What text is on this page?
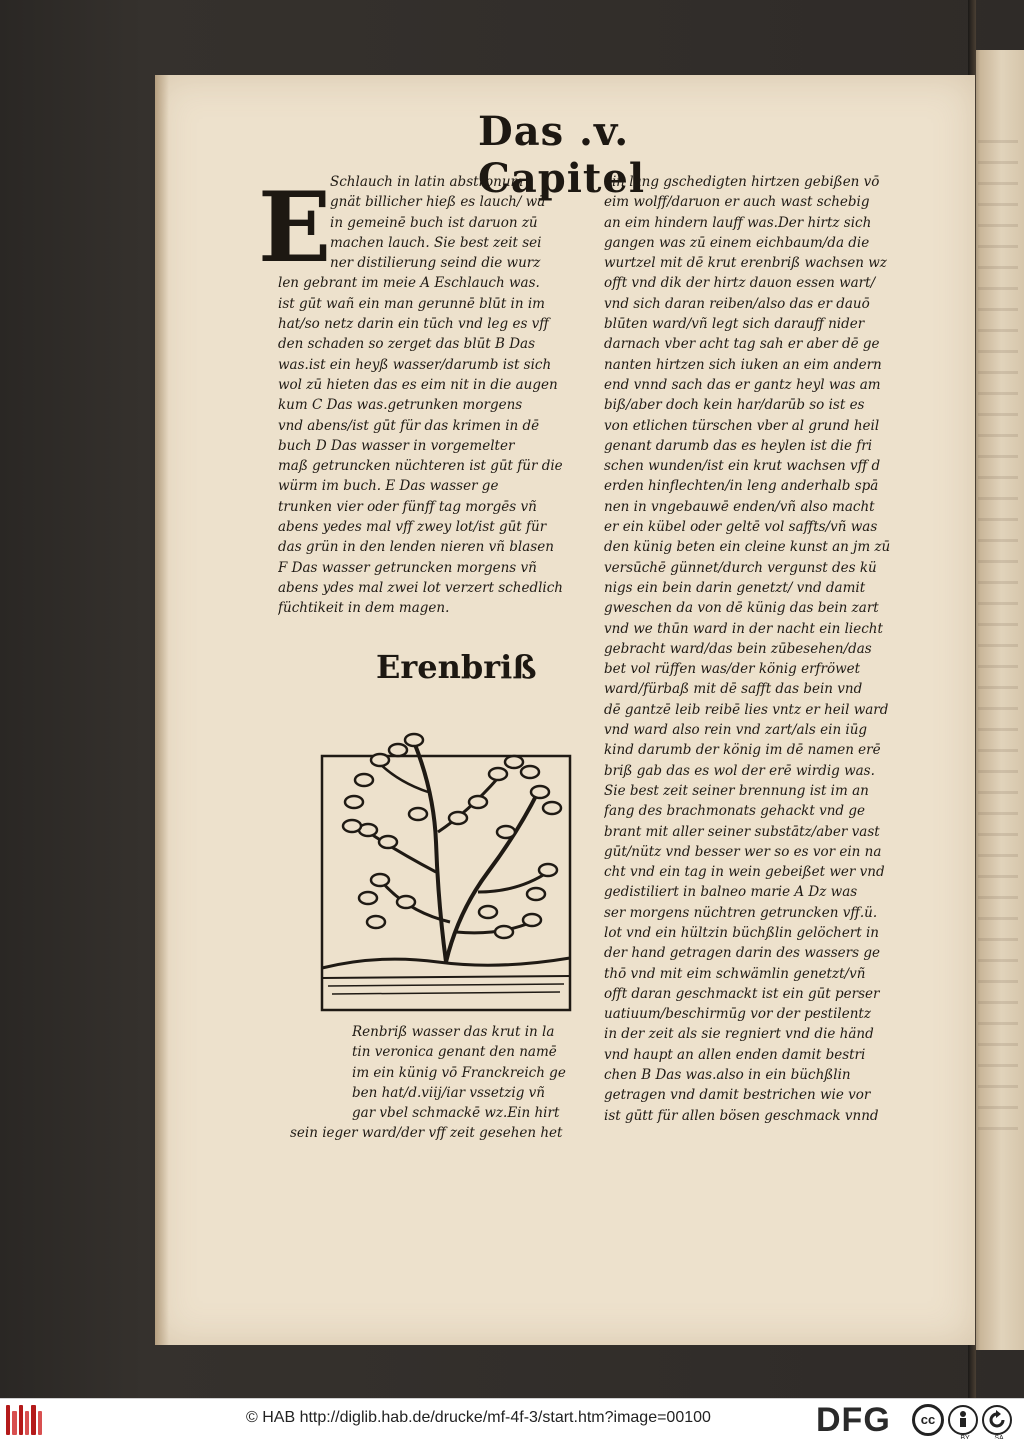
Das .v. Capitel
E
Schlauch in latin abstronum
gnät billicher hieß es lauch/ wä
in gemeinē buch ist daruon zū
machen lauch. Sie best zeit sei
ner distilierung seind die wurz
len gebrant im meie A Eschlauch was.
ist gūt wañ ein man gerunnē blūt in im
hat/so netz darin ein tūch vnd leg es vff
den schaden so zerget das blūt B Das
was.ist ein heyß wasser/darumb ist sich
wol zū hieten das es eim nit in die augen
kum C Das was.getrunken morgens
vnd abens/ist gūt für das krimen in dē
buch D Das wasser in vorgemelter
maß getruncken nüchteren ist gūt für die
würm im buch. E Das wasser ge
trunken vier oder fünff tag morgēs vñ
abens yedes mal vff zwey lot/ist gūt für
das grün in den lenden nieren vñ blasen
F Das wasser getruncken morgens vñ
abens ydes mal zwei lot verzert schedlich
füchtikeit in dem magen.
Erenbriß
Renbriß wasser das krut in la
tin veronica genant den namē
im ein künig vō Franckreich ge
ben hat/d.viij/iar vssetzig vñ
gar vbel schmackē wz.Ein hirt
sein ieger ward/der vff zeit gesehen het
ein lang gschedigten hirtzen gebißen vō
eim wolff/daruon er auch wast schebig
an eim hindern lauff was.Der hirtz sich
gangen was zū einem eichbaum/da die
wurtzel mit dē krut erenbriß wachsen wz
offt vnd dik der hirtz dauon essen wart/
vnd sich daran reiben/also das er dauō
blūten ward/vñ legt sich darauff nider
darnach vber acht tag sah er aber dē ge
nanten hirtzen sich iuken an eim andern
end vnnd sach das er gantz heyl was am
biß/aber doch kein har/darūb so ist es
von etlichen türschen vber al grund heil
genant darumb das es heylen ist die fri
schen wunden/ist ein krut wachsen vff d
erden hinflechten/in leng anderhalb spā
nen in vngebauwē enden/vñ also macht
er ein kübel oder geltē vol saffts/vñ was
den künig beten ein cleine kunst an jm zū
versūchē günnet/durch vergunst des kü
nigs ein bein darin genetzt/ vnd damit
gweschen da von dē künig das bein zart
vnd we thūn ward in der nacht ein liecht
gebracht ward/das bein zūbesehen/das
bet vol rüffen was/der könig erfröwet
ward/fürbaß mit dē safft das bein vnd
dē gantzē leib reibē lies vntz er heil ward
vnd ward also rein vnd zart/als ein iūg
kind darumb der könig im dē namen erē
briß gab das es wol der erē wirdig was.
Sie best zeit seiner brennung ist im an
fang des brachmonats gehackt vnd ge
brant mit aller seiner substātz/aber vast
gūt/nütz vnd besser wer so es vor ein na
cht vnd ein tag in wein gebeißet wer vnd
gedistiliert in balneo marie A Dz was
ser morgens nüchtren getruncken vff.ü.
lot vnd ein hültzin büchßlin gelöchert in
der hand getragen darin des wassers ge
thō vnd mit eim schwämlin genetzt/vñ
offt daran geschmackt ist ein gūt perser
uatiuum/beschirmūg vor der pestilentz
in der zeit als sie regniert vnd die händ
vnd haupt an allen enden damit bestri
chen B Das was.also in ein büchßlin
getragen vnd damit bestrichen wie vor
ist gūtt für allen bösen geschmack vnnd
© HAB http://diglib.hab.de/drucke/mf-4f-3/start.htm?image=00100	DFG	cc
BY	SA
